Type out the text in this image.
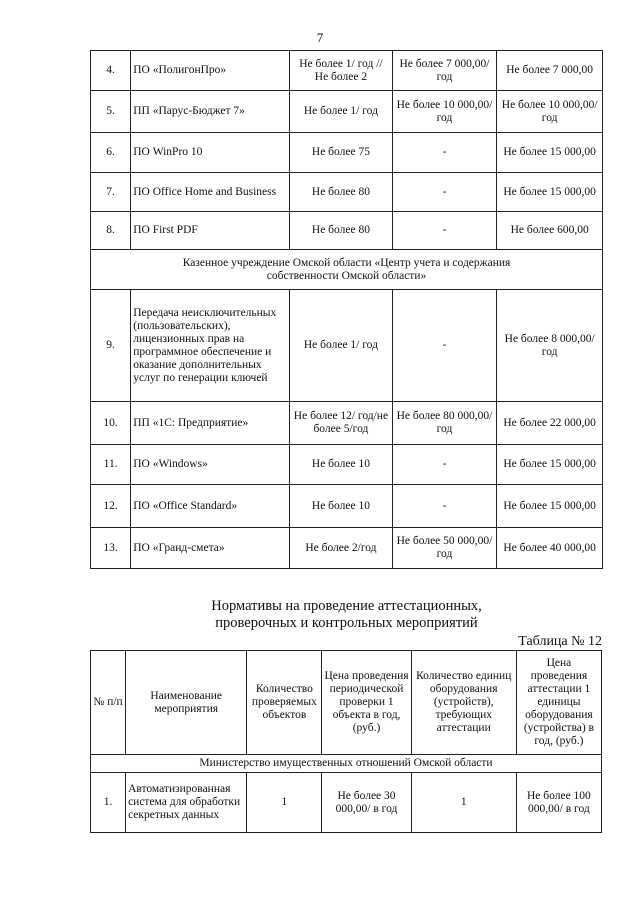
7
4.	ПО «ПолигонПро»	Не более 1/ год // Не более 2	Не более 7 000,00/ год	Не более 7 000,00
5.	ПП «Парус-Бюджет 7»	Не более 1/ год	Не более 10 000,00/ год	Не более 10 000,00/ год
6.	ПО WinPro 10	Не более 75	-	Не более 15 000,00
7.	ПО Office Home and Business	Не более 80	-	Не более 15 000,00
8.	ПО First PDF	Не более 80	-	Не более 600,00
Казенное учреждение Омской области «Центр учета и содержания собственности Омской области»				
9.	Передача неисключительных (пользовательских), лицензионных прав на программное обеспечение и оказание дополнительных услуг по генерации ключей	Не более 1/ год	-	Не более 8 000,00/год
10.	ПП «1С: Предприятие»	Не более 12/ год/не более 5/год	Не более 80 000,00/ год	Не более 22 000,00
11.	ПО «Windows»	Не более 10	-	Не более 15 000,00
12.	ПО «Office Standard»	Не более 10	-	Не более 15 000,00
13.	ПО «Гранд-смета»	Не более 2/год	Не более 50 000,00/ год	Не более 40 000,00
Нормативы на проведение аттестационных,
проверочных и контрольных мероприятий
Таблица № 12
№ п/п	Наименование мероприятия	Количество проверяемых объектов	Цена проведения периодической проверки 1 объекта в год, (руб.)	Количество единиц оборудования (устройств), требующих аттестации	Цена проведения аттестации 1 единицы оборудования (устройства) в год, (руб.)
Министерство имущественных отношений Омской области					
1.	Автоматизированная система для обработки секретных данных	1	Не более 30 000,00/ в год	1	Не более 100 000,00/ в год
